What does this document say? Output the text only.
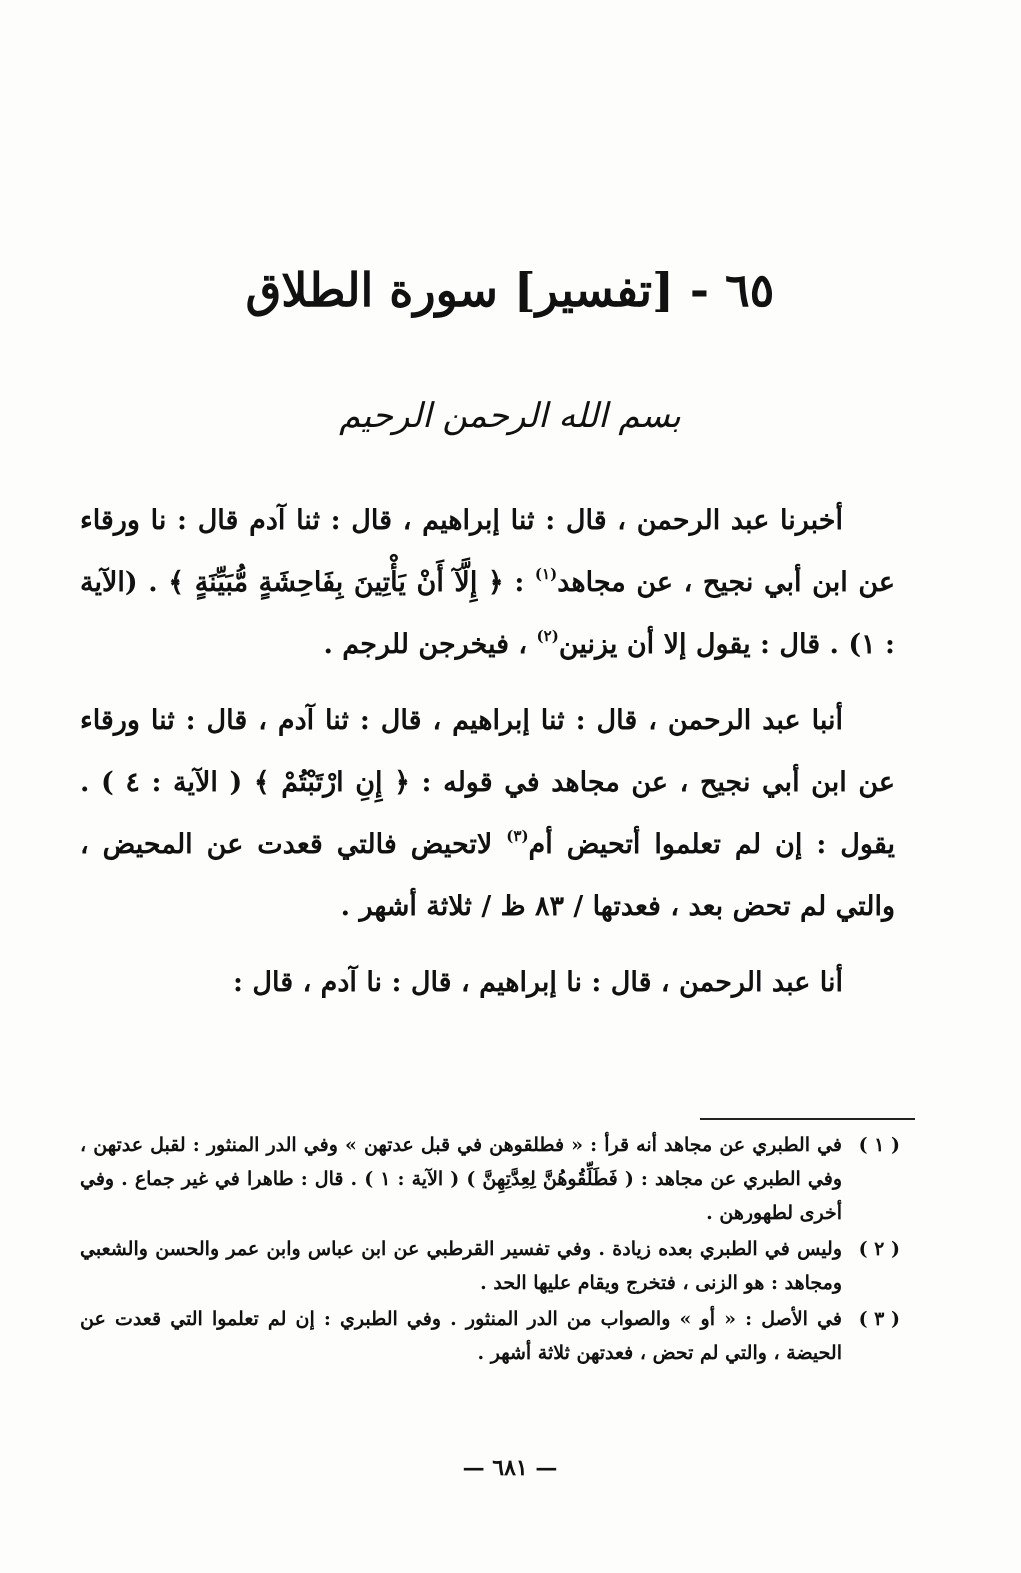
٦٥ - [تفسير] سورة الطلاق
بسم الله الرحمن الرحيم

أخبرنا عبد الرحمن ، قال : ثنا إبراهيم ، قال : ثنا آدم قال : نا ورقاء عن ابن أبي نجيح ، عن مجاهد$^{(١)}$ : ﴿ إِلَّآ أَنْ يَأْتِينَ بِفَاحِشَةٍ مُّبَيِّنَةٍ ﴾ . (الآية : ١) . قال : يقول إلا أن يزنين$^{(٢)}$ ، فيخرجن للرجم .

أنبا عبد الرحمن ، قال : ثنا إبراهيم ، قال : ثنا آدم ، قال : ثنا ورقاء عن ابن أبي نجيح ، عن مجاهد في قوله : ﴿ إِنِ ارْتَبْتُمْ ﴾ ( الآية : ٤ ) . يقول : إن لم تعلموا أتحيض أم$^{(٣)}$ لاتحيض فالتي قعدت عن المحيض ، والتي لم تحض بعد ، فعدتها / ٨٣ ظ / ثلاثة أشهر .

أنا عبد الرحمن ، قال : نا إبراهيم ، قال : نا آدم ، قال :

( ١ )
في الطبري عن مجاهد أنه قرأ : « فطلقوهن في قبل عدتهن » وفي الدر المنثور : لقبل عدتهن ، وفي الطبري عن مجاهد : ( فَطَلِّقُوهُنَّ لِعِدَّتِهِنَّ ) ( الآية : ١ ) . قال : طاهرا في غير جماع . وفي أخرى لطهورهن .
( ٢ )
وليس في الطبري بعده زيادة . وفي تفسير القرطبي عن ابن عباس وابن عمر والحسن والشعبي ومجاهد : هو الزنى ، فتخرج ويقام عليها الحد .
( ٣ )
في الأصل : « أو » والصواب من الدر المنثور . وفي الطبري : إن لم تعلموا التي قعدت عن الحيضة ، والتي لم تحض ، فعدتهن ثلاثة أشهر .
— ٦٨١ —
